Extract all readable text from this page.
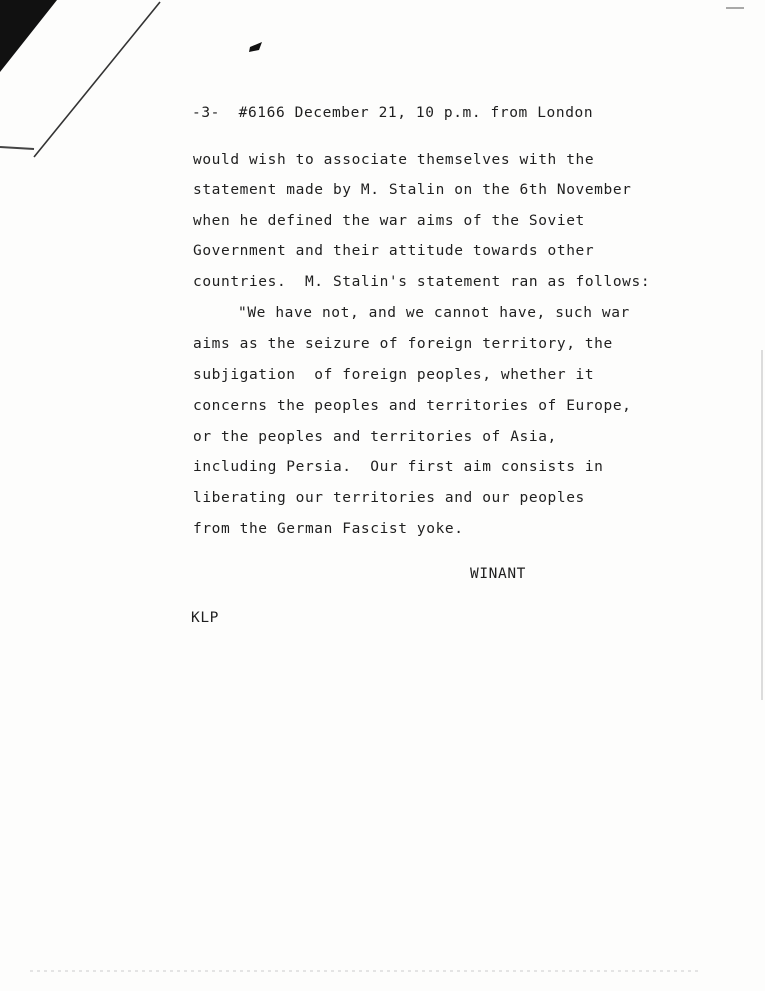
-3-  #6166 December 21, 10 p.m. from London
would wish to associate themselves with the
statement made by M. Stalin on the 6th November
when he defined the war aims of the Soviet
Government and their attitude towards other
countries.  M. Stalin's statement ran as follows:
"We have not, and we cannot have, such war
aims as the seizure of foreign territory, the
subjigation  of foreign peoples, whether it
concerns the peoples and territories of Europe,
or the peoples and territories of Asia,
including Persia.  Our first aim consists in
liberating our territories and our peoples
from the German Fascist yoke.
WINANT
KLP
